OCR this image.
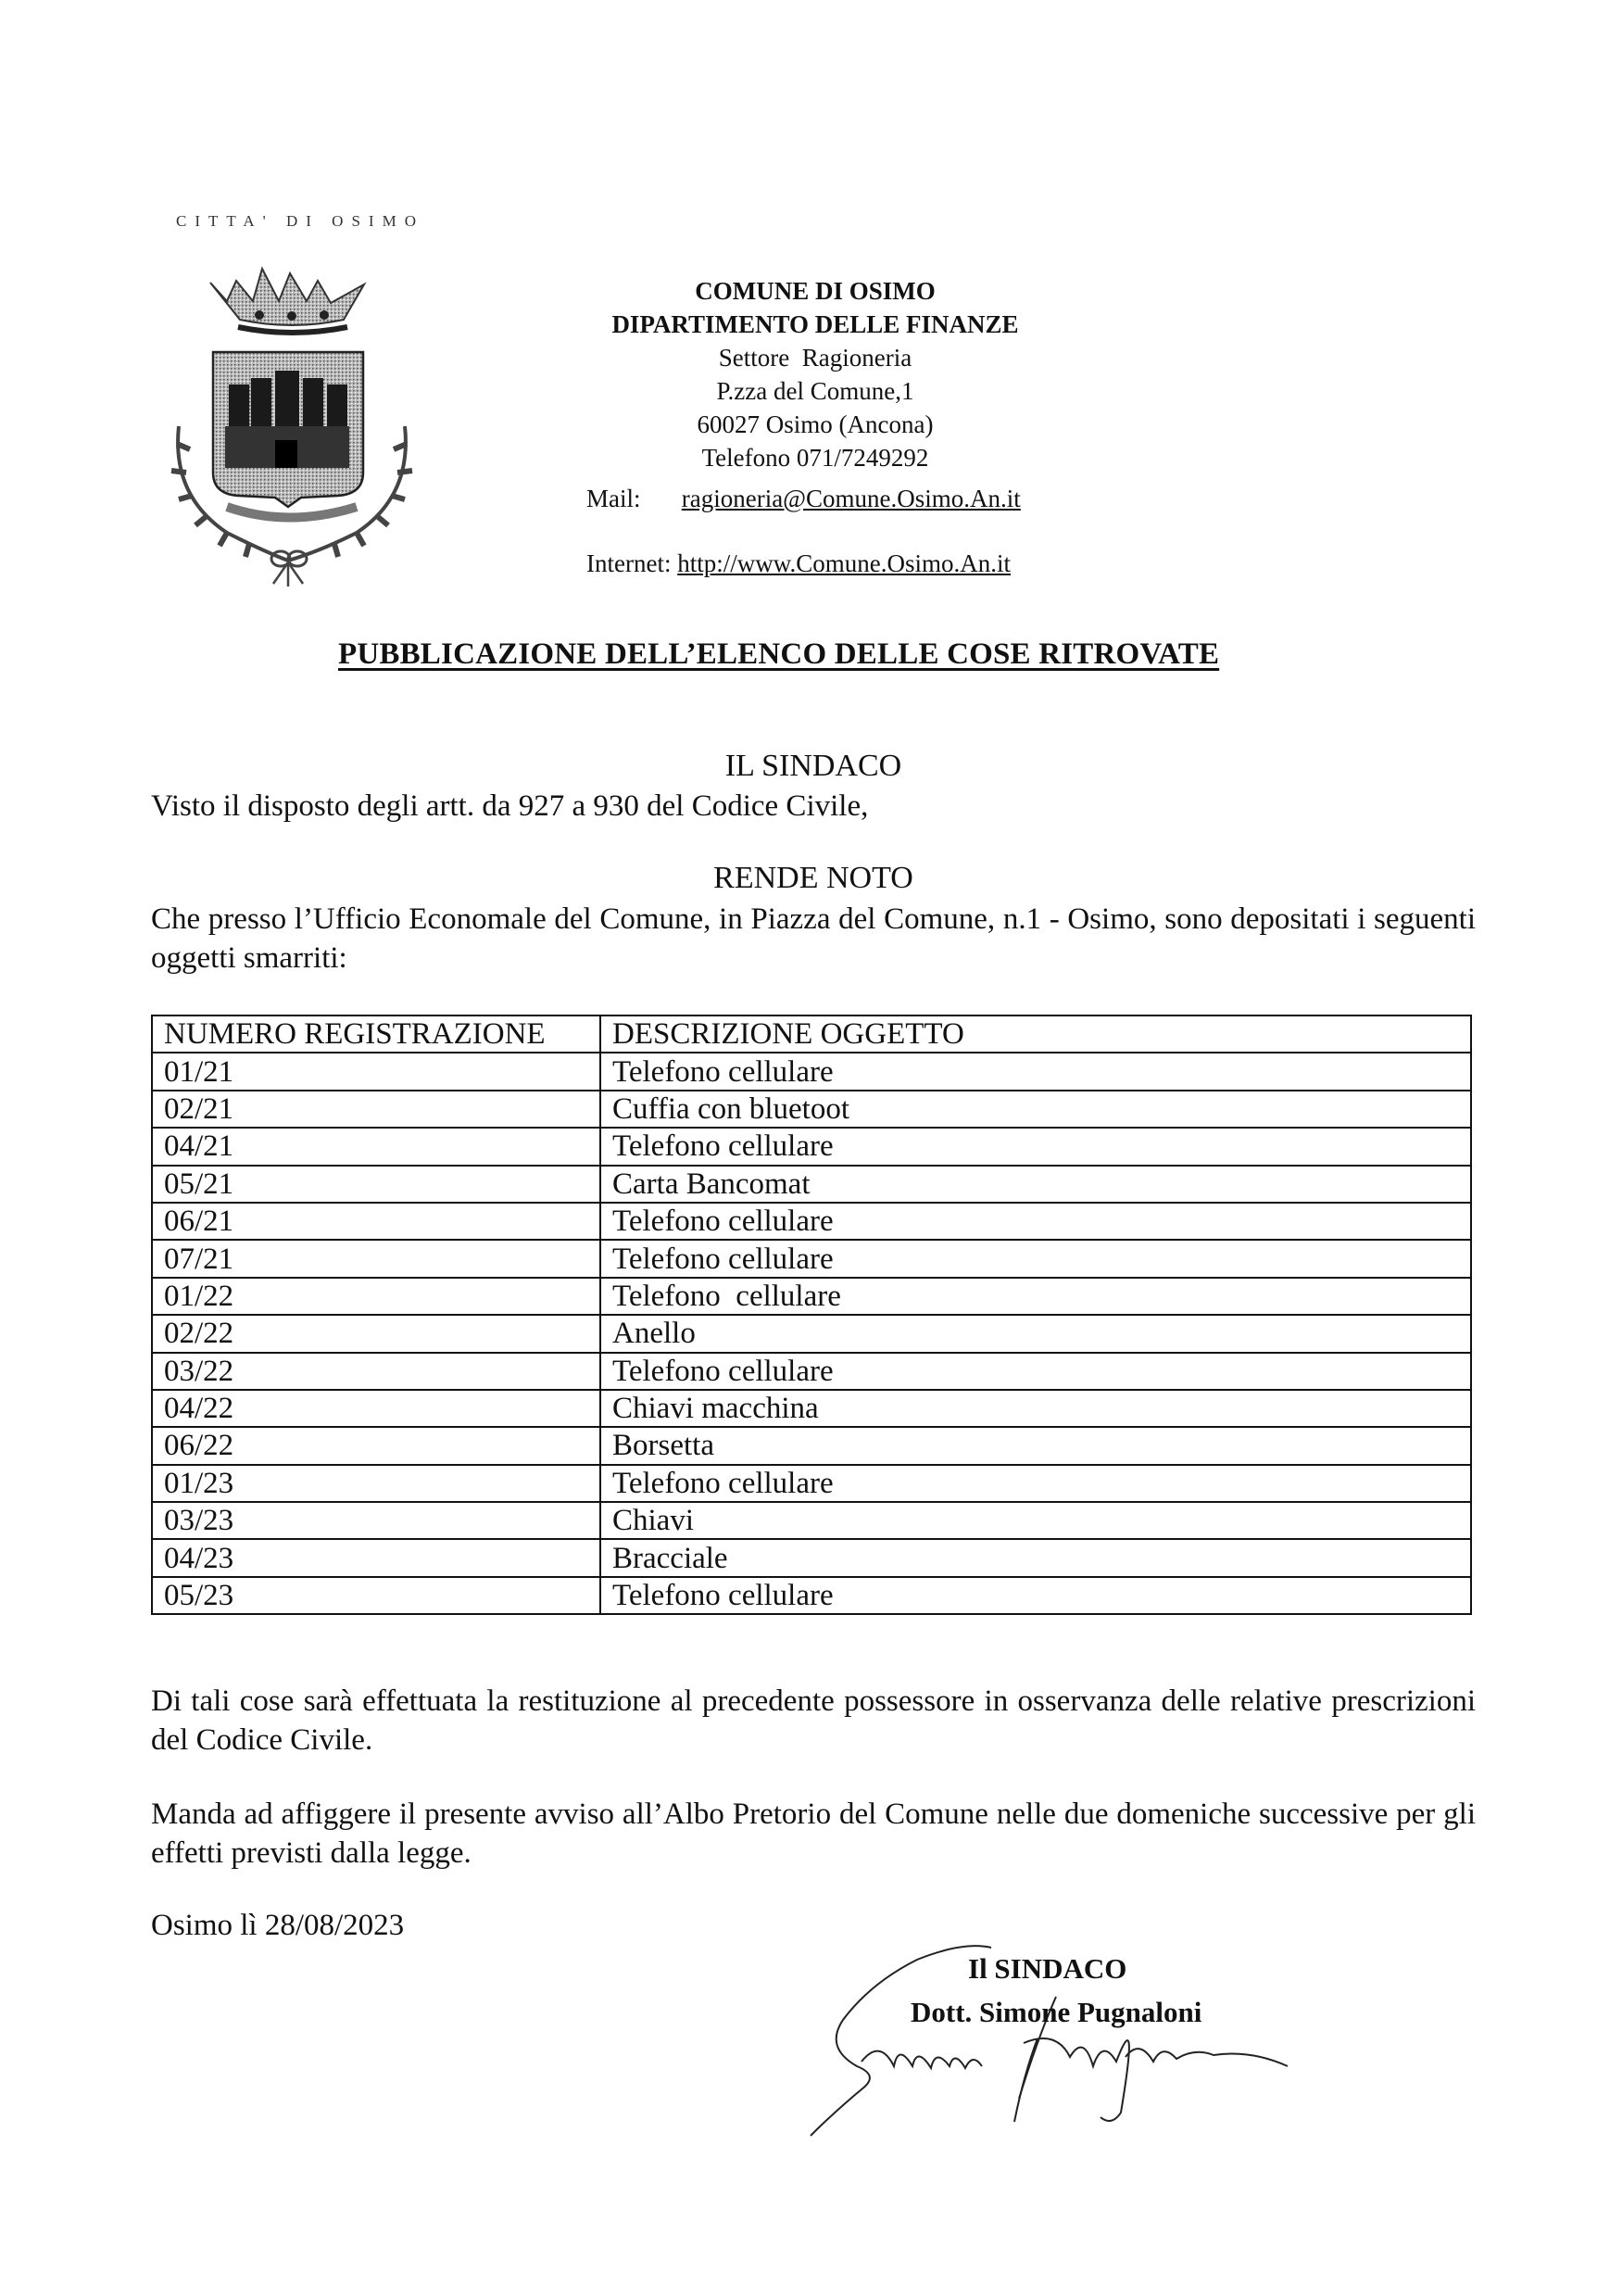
CITTA' DI OSIMO
COMUNE DI OSIMO
DIPARTIMENTO DELLE FINANZE
Settore  Ragioneria
P.zza del Comune,1
60027 Osimo (Ancona)
Telefono 071/7249292
Mail: ragioneria@Comune.Osimo.An.it
Internet: http://www.Comune.Osimo.An.it
PUBBLICAZIONE DELL’ELENCO DELLE COSE RITROVATE
IL SINDACO
Visto il disposto degli artt. da 927 a 930 del Codice Civile,
RENDE NOTO
Che presso l’Ufficio Economale del Comune, in Piazza del Comune, n.1 - Osimo, sono depositati i seguenti oggetti smarriti:
NUMERO REGISTRAZIONE	DESCRIZIONE OGGETTO
01/21	Telefono cellulare
02/21	Cuffia con bluetoot
04/21	Telefono cellulare
05/21	Carta Bancomat
06/21	Telefono cellulare
07/21	Telefono cellulare
01/22	Telefono  cellulare
02/22	Anello
03/22	Telefono cellulare
04/22	Chiavi macchina
06/22	Borsetta
01/23	Telefono cellulare
03/23	Chiavi
04/23	Bracciale
05/23	Telefono cellulare
Di tali cose sarà effettuata la restituzione al precedente possessore in osservanza delle relative prescrizioni del Codice Civile.
Manda ad affiggere il presente avviso all’Albo Pretorio del Comune nelle due domeniche successive per gli effetti previsti dalla legge.
Osimo lì 28/08/2023
Il SINDACO
Dott. Simone Pugnaloni
